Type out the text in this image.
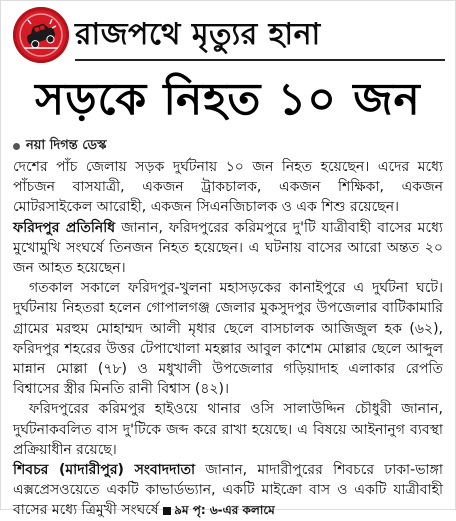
রাজপথে মৃত্যুর হানা
সড়কে নিহত ১০ জন
নয়া দিগন্ত ডেস্ক

দেশের পাঁচ জেলায় সড়ক দুর্ঘটনায় ১০ জন নিহত হয়েছেন। এদের মধ্যে পাঁচজন বাসযাত্রী, একজন ট্রাকচালক, একজন শিক্ষিকা, একজন মোটরসাইকেল আরোহী, একজন সিএনজিচালক ও এক শিশু রয়েছেন।

ফরিদপুর প্রতিনিধি জানান, ফরিদপুরের করিমপুরে দু'টি যাত্রীবাহী বাসের মধ্যে মুখোমুখি সংঘর্ষে তিনজন নিহত হয়েছেন। এ ঘটনায় বাসের আরো অন্তত ২০ জন আহত হয়েছেন।

গতকাল সকালে ফরিদপুর-খুলনা মহাসড়কের কানাইপুরে এ দুর্ঘটনা ঘটে। দুর্ঘটনায় নিহতরা হলেন গোপালগঞ্জ জেলার মুকসুদপুর উপজেলার বাটিকামারি গ্রামের মরহুম মোহাম্মদ আলী মৃধার ছেলে বাসচালক আজিজুল হক (৬২), ফরিদপুর শহরের উত্তর টেপাখোলা মহল্লার আবুল কাশেম মোল্লার ছেলে আব্দুল মান্নান মোল্লা (৭৮) ও মধুখালী উপজেলার গড়িয়াদাহ এলাকার রেপতি বিশ্বাসের স্ত্রীর মিনতি রানী বিশ্বাস (৪২)।

ফরিদপুরের করিমপুর হাইওয়ে থানার ওসি সালাউদ্দিন চৌধুরী জানান, দুর্ঘটনাকবলিত বাস দু'টিকে জব্দ করে রাখা হয়েছে। এ বিষয়ে আইনানুগ ব্যবস্থা প্রক্রিয়াধীন রয়েছে।

শিবচর (মাদারীপুর) সংবাদদাতা জানান, মাদারীপুরের শিবচরে ঢাকা-ভাঙ্গা এক্সপ্রেসওয়েতে একটি কাভার্ডভ্যান, একটি মাইক্রো বাস ও একটি যাত্রীবাহী বাসের মধ্যে ত্রিমুখী সংঘর্ষে ৯ম পৃ: ৬-এর কলামে
